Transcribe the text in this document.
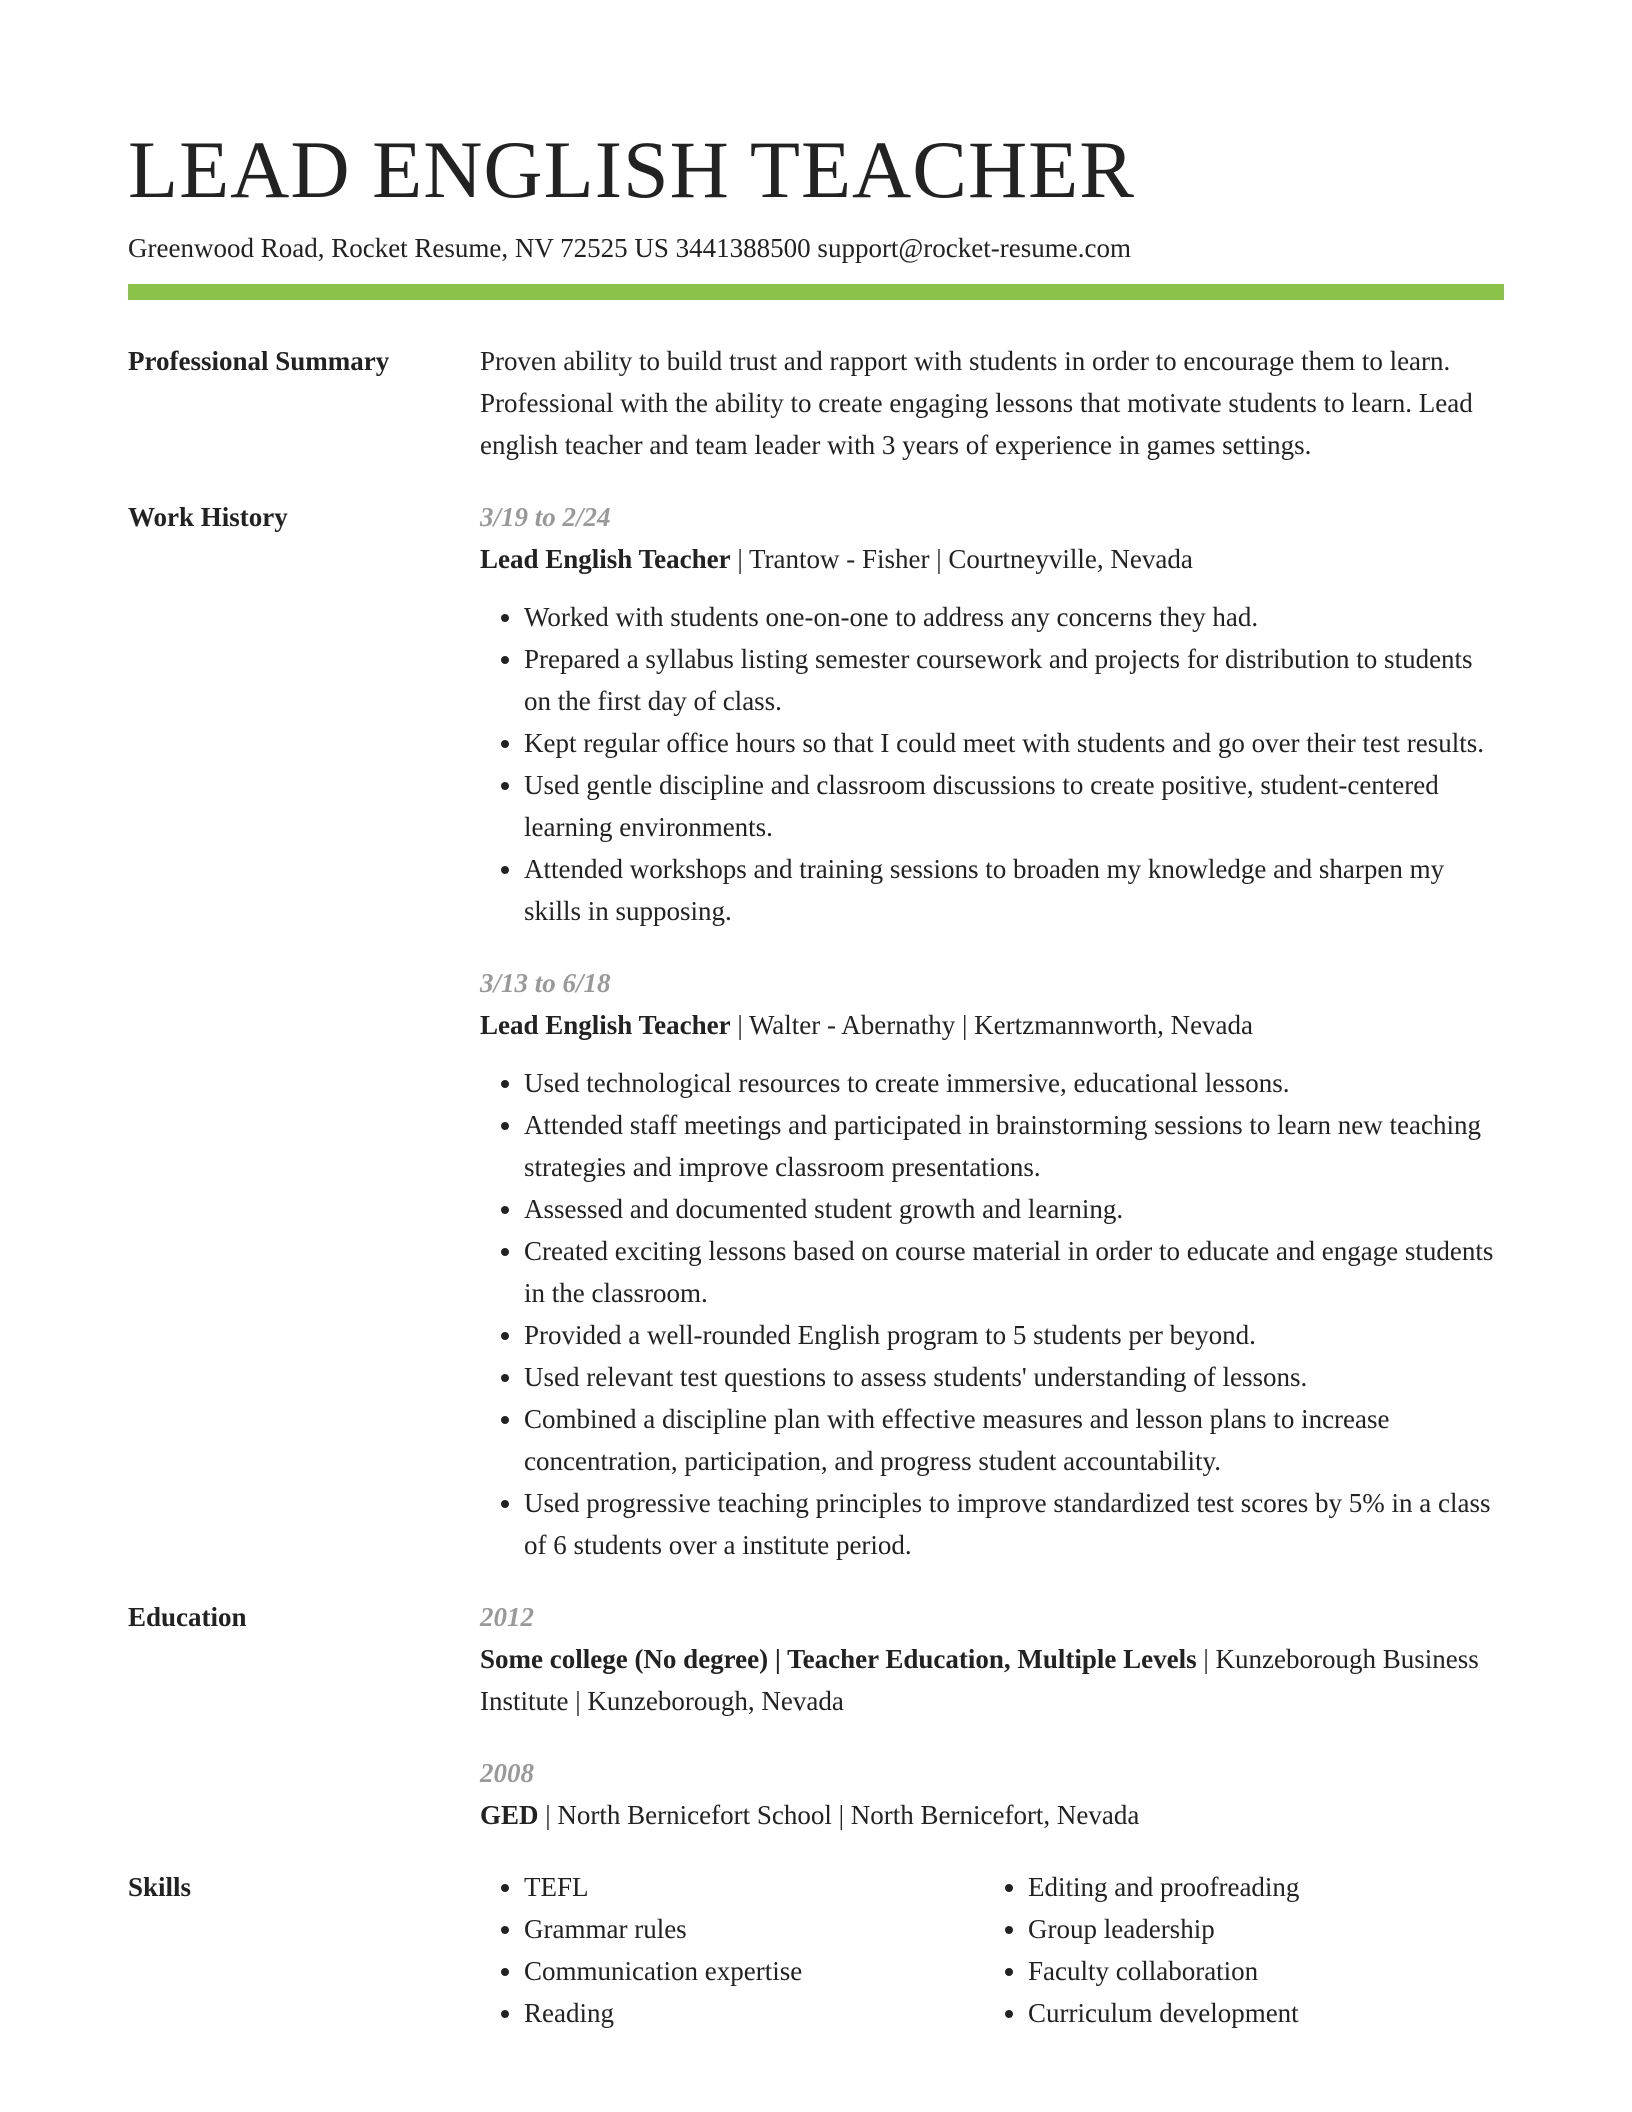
LEAD ENGLISH TEACHER
Greenwood Road, Rocket Resume, NV 72525 US 3441388500 support@rocket-resume.com
Professional Summary	Proven ability to build trust and rapport with students in order to encourage them to learn. Professional with the ability to create engaging lessons that motivate students to learn. Lead english teacher and team leader with 3 years of experience in games settings.

Work History	3/19 to 2/24
Lead English Teacher | Trantow - Fisher | Courtneyville, Nevada
• Worked with students one-on-one to address any concerns they had.
• Prepared a syllabus listing semester coursework and projects for distribution to students on the first day of class.
• Kept regular office hours so that I could meet with students and go over their test results.
• Used gentle discipline and classroom discussions to create positive, student-centered learning environments.
• Attended workshops and training sessions to broaden my knowledge and sharpen my skills in supposing.
3/13 to 6/18
Lead English Teacher | Walter - Abernathy | Kertzmannworth, Nevada
• Used technological resources to create immersive, educational lessons.
• Attended staff meetings and participated in brainstorming sessions to learn new teaching strategies and improve classroom presentations.
• Assessed and documented student growth and learning.
• Created exciting lessons based on course material in order to educate and engage students in the classroom.
• Provided a well-rounded English program to 5 students per beyond.
• Used relevant test questions to assess students' understanding of lessons.
• Combined a discipline plan with effective measures and lesson plans to increase concentration, participation, and progress student accountability.
• Used progressive teaching principles to improve standardized test scores by 5% in a class of 6 students over a institute period.
Education	2012
Some college (No degree) | Teacher Education, Multiple Levels | Kunzeborough Business Institute | Kunzeborough, Nevada
2008
GED | North Bernicefort School | North Bernicefort, Nevada
Skills
•	TEFL
• Grammar rules
• Communication expertise
• Reading
• Editing and proofreading
• Group leadership
• Faculty collaboration
• Curriculum development
